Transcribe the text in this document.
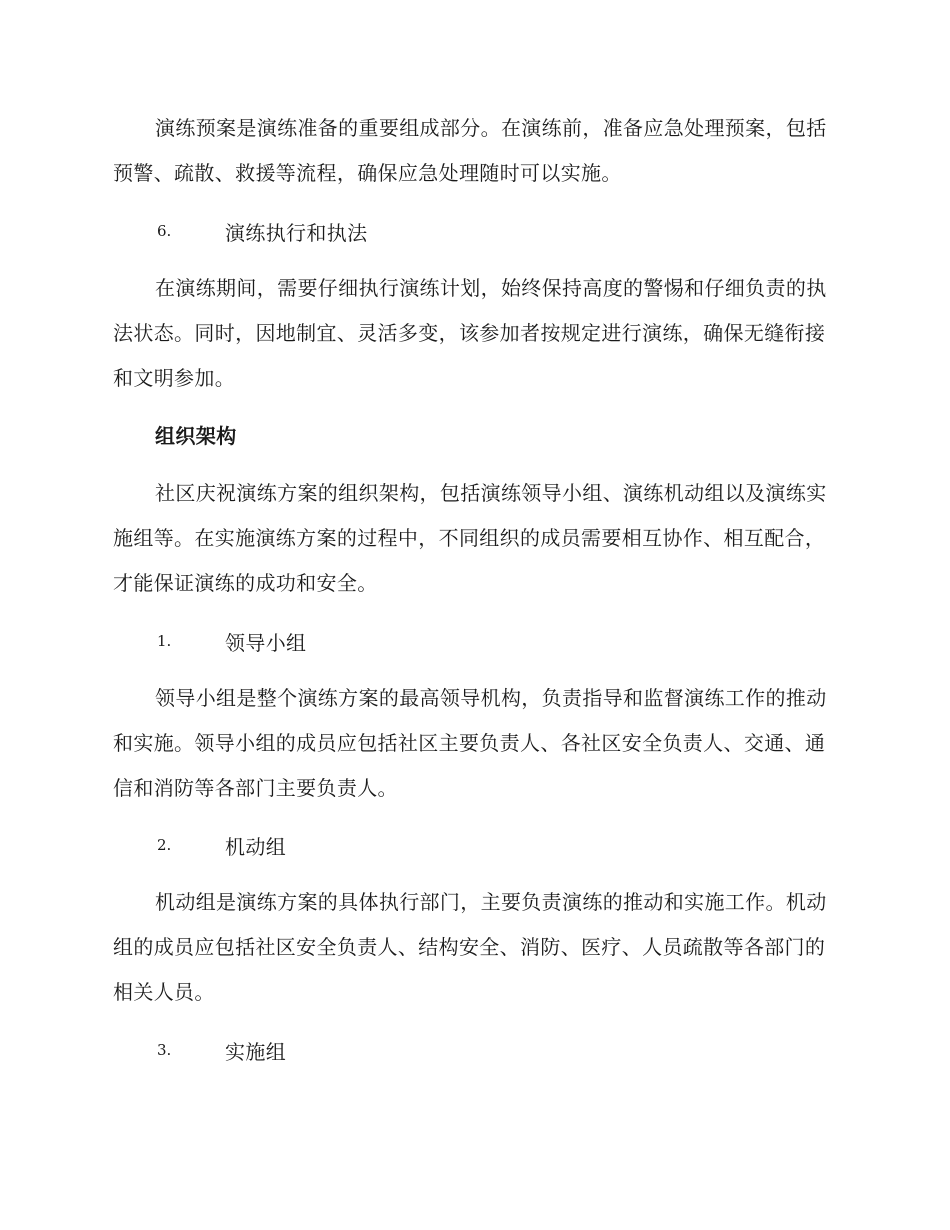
演练预案是演练准备的重要组成部分。在演练前，准备应急处理预案，包括预警、疏散、救援等流程，确保应急处理随时可以实施。

6.	演练执行和执法

在演练期间，需要仔细执行演练计划，始终保持高度的警惕和仔细负责的执法状态。同时，因地制宜、灵活多变，该参加者按规定进行演练，确保无缝衔接和文明参加。

组织架构

社区庆祝演练方案的组织架构，包括演练领导小组、演练机动组以及演练实施组等。在实施演练方案的过程中，不同组织的成员需要相互协作、相互配合，才能保证演练的成功和安全。

1.	领导小组

领导小组是整个演练方案的最高领导机构，负责指导和监督演练工作的推动和实施。领导小组的成员应包括社区主要负责人、各社区安全负责人、交通、通信和消防等各部门主要负责人。

2.	机动组

机动组是演练方案的具体执行部门，主要负责演练的推动和实施工作。机动组的成员应包括社区安全负责人、结构安全、消防、医疗、人员疏散等各部门的相关人员。

3.	实施组
